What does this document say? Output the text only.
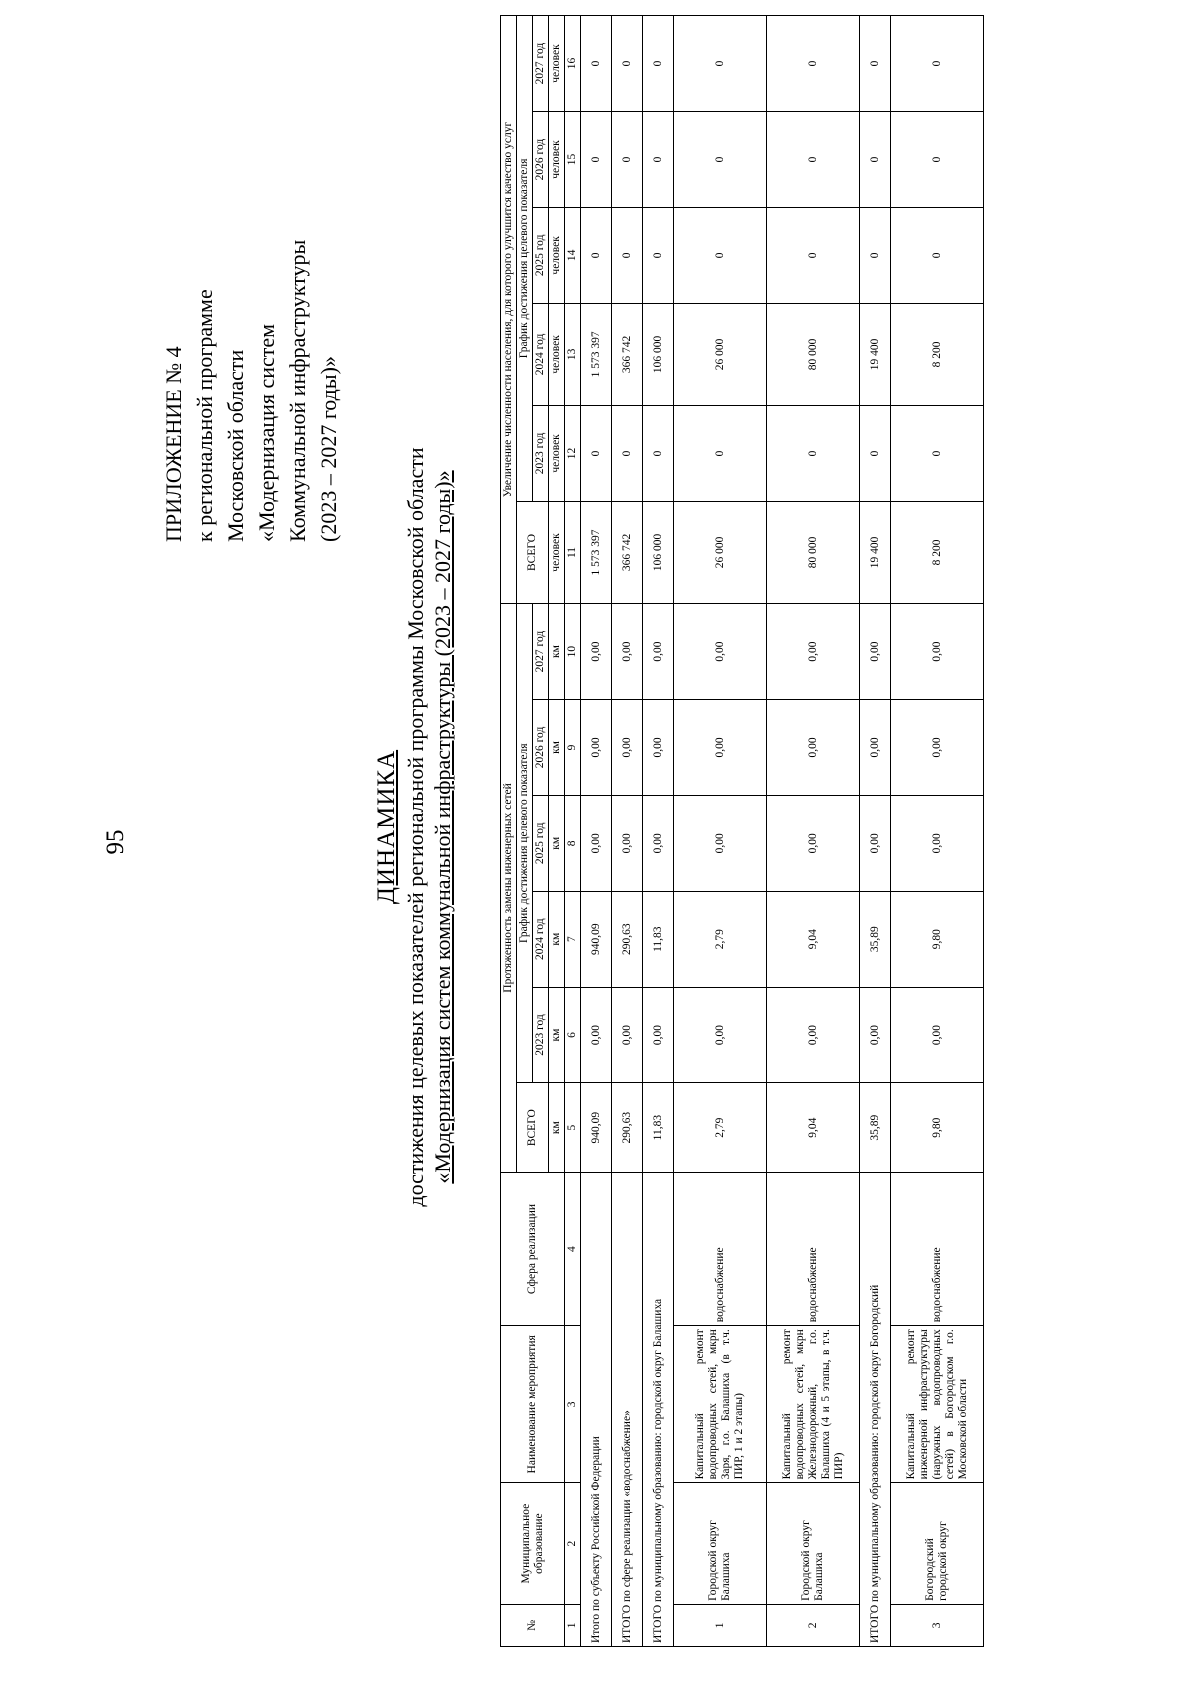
95
ПРИЛОЖЕНИЕ № 4 к региональной программе Московской области «Модернизация систем Коммунальной инфраструктуры (2023 – 2027 годы)»
ДИНАМИКА достижения целевых показателей региональной программы Московской области «Модернизация систем коммунальной инфраструктуры (2023 – 2027 годы)»
№	Муниципальное образование	Наименование мероприятия	Сфера реализации	Протяженность замены инженерных сетей						Увеличение численности населения, для которого улучшится качество услуг					
				ВСЕГО	График достижения целевого показателя					ВСЕГО	График достижения целевого показателя				
					2023 год	2024 год	2025 год	2026 год	2027 год		2023 год	2024 год	2025 год	2026 год	2027 год
				км	км	км	км	км	км	человек	человек	человек	человек	человек	человек
1	2	3	4	5	6	7	8	9	10	11	12	13	14	15	16
Итого по субъекту Российской Федерации				940,09	0,00	940,09	0,00	0,00	0,00	1 573 397	0	1 573 397	0	0	0
ИТОГО по сфере реализации «водоснабжение»				290,63	0,00	290,63	0,00	0,00	0,00	366 742	0	366 742	0	0	0
ИТОГО по муниципальному образованию: городской округ Балашиха				11,83	0,00	11,83	0,00	0,00	0,00	106 000	0	106 000	0	0	0
1	Городской округ Балашиха	Капитальный ремонт водопроводных сетей, мкрн Заря, г.о. Балашиха (в т.ч. ПИР, 1 и 2 этапы)	водоснабжение	2,79	0,00	2,79	0,00	0,00	0,00	26 000	0	26 000	0	0	0
2	Городской округ Балашиха	Капитальный ремонт водопроводных сетей, мкрн Железнодорожный, г.о. Балашиха (4 и 5 этапы, в т.ч. ПИР)	водоснабжение	9,04	0,00	9,04	0,00	0,00	0,00	80 000	0	80 000	0	0	0
ИТОГО по муниципальному образованию: городской округ Богородский				35,89	0,00	35,89	0,00	0,00	0,00	19 400	0	19 400	0	0	0
3	Богородский городской округ	Капитальный ремонт инженерной инфраструктуры (наружных водопроводных сетей) в Богородском г.о. Московской области	водоснабжение	9,80	0,00	9,80	0,00	0,00	0,00	8 200	0	8 200	0	0	0
